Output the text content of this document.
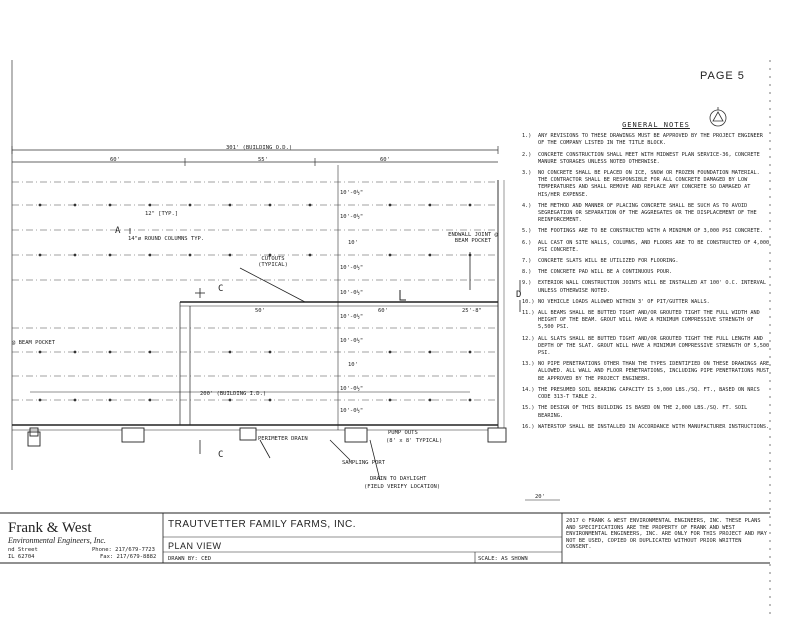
PAGE 5
301' (BUILDING O.D.)
60'	55'	60'
10'-0½"
10'-0½"
10'
10'-0½"
10'-0½"
10'-0½"
10'-0½"
10'
10'-0½"
10'-0½"
50'	60'	25'-8"
200' (BUILDING I.D.)
20'
12" [TYP.]
14"ø ROUND COLUMNS TYP.
CUTOUTS (TYPICAL)
ENDWALL JOINT @ BEAM POCKET
@ BEAM POCKET
PERIMETER DRAIN
PUMP OUTS
(8' x 8' TYPICAL)
SAMPLING PORT
DRAIN TO DAYLIGHT
(FIELD VERIFY LOCATION)
A
C
C
D
GENERAL NOTES
1.)	ANY REVISIONS TO THESE DRAWINGS MUST BE APPROVED BY THE PROJECT ENGINEER OF THE COMPANY LISTED IN THE TITLE BLOCK.
2.)	CONCRETE CONSTRUCTION SHALL MEET WITH MIDWEST PLAN SERVICE-36, CONCRETE MANURE STORAGES UNLESS NOTED OTHERWISE.
3.)	NO CONCRETE SHALL BE PLACED ON ICE, SNOW OR FROZEN FOUNDATION MATERIAL. THE CONTRACTOR SHALL BE RESPONSIBLE FOR ALL CONCRETE DAMAGED BY LOW TEMPERATURES AND SHALL REMOVE AND REPLACE ANY CONCRETE SO DAMAGED AT HIS/HER EXPENSE.
4.)	THE METHOD AND MANNER OF PLACING CONCRETE SHALL BE SUCH AS TO AVOID SEGREGATION OR SEPARATION OF THE AGGREGATES OR THE DISPLACEMENT OF THE REINFORCEMENT.
5.)	THE FOOTINGS ARE TO BE CONSTRUCTED WITH A MINIMUM OF 3,000 PSI CONCRETE.
6.)	ALL CAST ON SITE WALLS, COLUMNS, AND FLOORS ARE TO BE CONSTRUCTED OF 4,000 PSI CONCRETE.
7.)	CONCRETE SLATS WILL BE UTILIZED FOR FLOORING.
8.)	THE CONCRETE PAD WILL BE A CONTINUOUS POUR.
9.)	EXTERIOR WALL CONSTRUCTION JOINTS WILL BE INSTALLED AT 100' O.C. INTERVAL UNLESS OTHERWISE NOTED.
10.) NO VEHICLE LOADS ALLOWED WITHIN 3' OF PIT/GUTTER WALLS.
11.) ALL BEAMS SHALL BE BUTTED TIGHT AND/OR GROUTED TIGHT THE FULL WIDTH AND HEIGHT OF THE BEAM. GROUT WILL HAVE A MINIMUM COMPRESSIVE STRENGTH OF 5,500 PSI.
12.) ALL SLATS SHALL BE BUTTED TIGHT AND/OR GROUTED TIGHT THE FULL LENGTH AND DEPTH OF THE SLAT. GROUT WILL HAVE A MINIMUM COMPRESSIVE STRENGTH OF 5,500 PSI.
13.) NO PIPE PENETRATIONS OTHER THAN THE TYPES IDENTIFIED ON THESE DRAWINGS ARE ALLOWED. ALL WALL AND FLOOR PENETRATIONS, INCLUDING PIPE PENETRATIONS MUST BE APPROVED BY THE PROJECT ENGINEER.
14.) THE PRESUMED SOIL BEARING CAPACITY IS 3,000 LBS./SQ. FT., BASED ON NRCS CODE 313-T TABLE 2.
15.) THE DESIGN OF THIS BUILDING IS BASED ON THE 2,000 LBS./SQ. FT. SOIL BEARING.
16.) WATERSTOP SHALL BE INSTALLED IN ACCORDANCE WITH MANUFACTURER INSTRUCTIONS.
Frank & West
Environmental Engineers, Inc.
nd Street
IL 62704
Phone: 217/679-7723
Fax: 217/679-8882
TRAUTVETTER FAMILY FARMS, INC.
PLAN VIEW
DRAWN BY: CED	SCALE: AS SHOWN
2017 © FRANK & WEST ENVIRONMENTAL ENGINEERS, INC. THESE PLANS AND SPECIFICATIONS ARE THE PROPERTY OF FRANK AND WEST ENVIRONMENTAL ENGINEERS, INC. ARE ONLY FOR THIS PROJECT AND MAY NOT BE USED, COPIED OR DUPLICATED WITHOUT PRIOR WRITTEN CONSENT.
